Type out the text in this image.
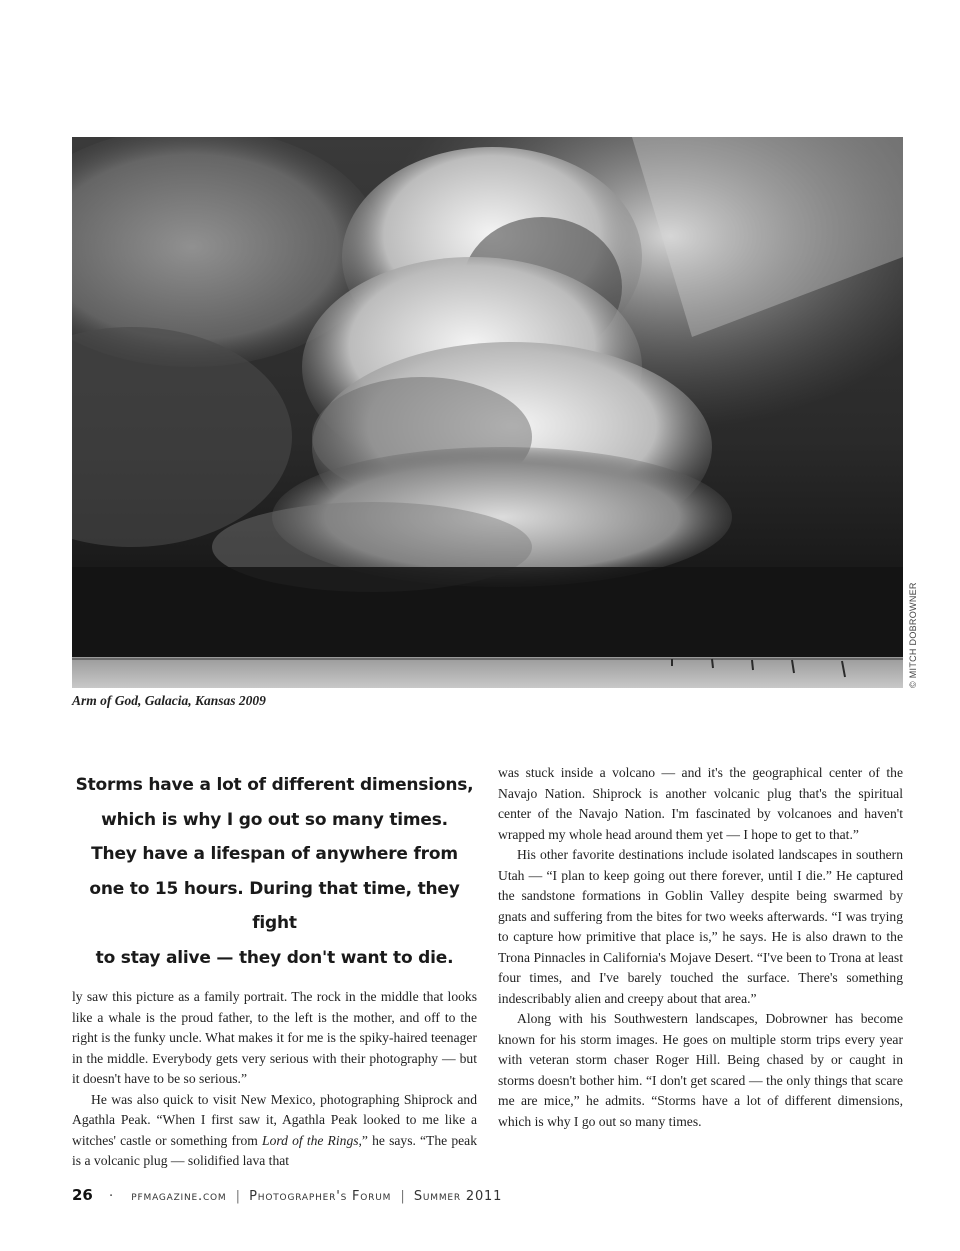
© MITCH DOBROWNER
Arm of God, Galacia, Kansas 2009
Storms have a lot of different dimensions,
which is why I go out so many times.
They have a lifespan of anywhere from
one to 15 hours. During that time, they fight
to stay alive — they don't want to die.

ly saw this picture as a family portrait. The rock in the middle that looks like a whale is the proud father, to the left is the mother, and off to the right is the funky uncle. What makes it for me is the spiky-haired teenager in the middle. Everybody gets very serious with their photography — but it doesn't have to be so serious.”

He was also quick to visit New Mexico, photographing Shiprock and Agathla Peak. “When I first saw it, Agathla Peak looked to me like a witches' castle or something from Lord of the Rings,” he says. “The peak is a volcanic plug — solidified lava that

was stuck inside a volcano — and it's the geographical center of the Navajo Nation. Shiprock is another volcanic plug that's the spiritual center of the Navajo Nation. I'm fascinated by volcanoes and haven't wrapped my whole head around them yet — I hope to get to that.”

His other favorite destinations include isolated landscapes in southern Utah — “I plan to keep going out there forever, until I die.” He captured the sandstone formations in Goblin Valley despite being swarmed by gnats and suffering from the bites for two weeks afterwards. “I was trying to capture how primitive that place is,” he says. He is also drawn to the Trona Pinnacles in California's Mojave Desert. “I've been to Trona at least four times, and I've barely touched the surface. There's something indescribably alien and creepy about that area.”

Along with his Southwestern landscapes, Dobrowner has become known for his storm images. He goes on multiple storm trips every year with veteran storm chaser Roger Hill. Being chased by or caught in storms doesn't bother him. “I don't get scared — the only things that scare me are mice,” he admits. “Storms have a lot of different dimensions, which is why I go out so many times.

26 · pfmagazine.com | Photographer's Forum | Summer 2011
